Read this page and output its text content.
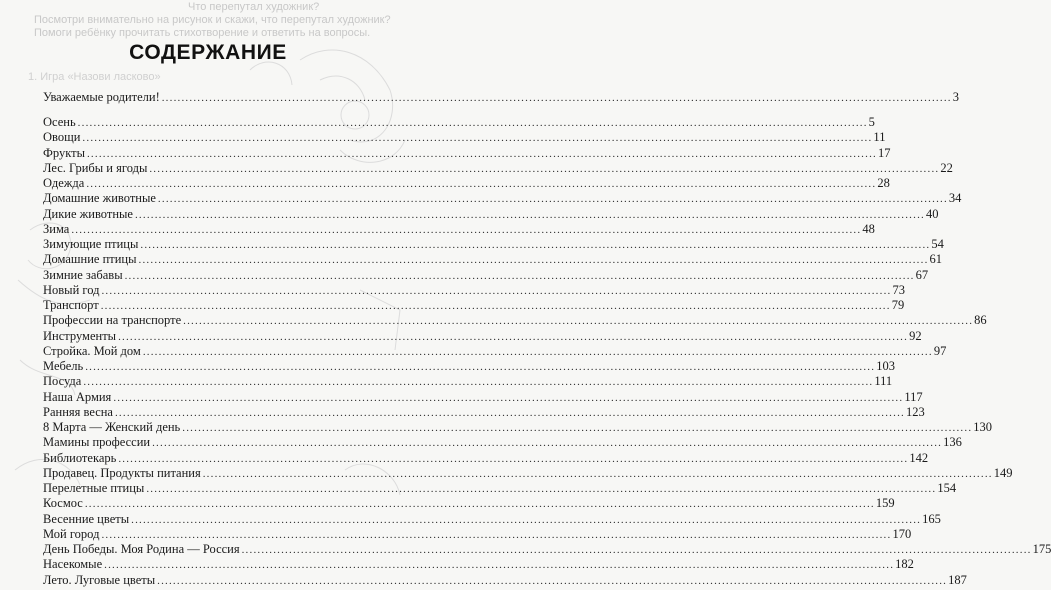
Что перепутал художник?
Посмотри внимательно на рисунок и скажи, что перепутал художник?
Помоги ребёнку прочитать стихотворение и ответить на вопросы.
1. Игра «Назови ласково»
СОДЕРЖАНИЕ
Уважаемые родители! ........................................................................................................................................................................................................ 3
Осень ........................................................................................................................................................................................................ 5
Овощи ........................................................................................................................................................................................................ 11
Фрукты ........................................................................................................................................................................................................ 17
Лес. Грибы и ягоды ........................................................................................................................................................................................................ 22
Одежда ........................................................................................................................................................................................................ 28
Домашние животные ........................................................................................................................................................................................................ 34
Дикие животные ........................................................................................................................................................................................................ 40
Зима ........................................................................................................................................................................................................ 48
Зимующие птицы ........................................................................................................................................................................................................ 54
Домашние птицы ........................................................................................................................................................................................................ 61
Зимние забавы ........................................................................................................................................................................................................ 67
Новый год ........................................................................................................................................................................................................ 73
Транспорт ........................................................................................................................................................................................................ 79
Профессии на транспорте ........................................................................................................................................................................................................ 86
Инструменты ........................................................................................................................................................................................................ 92
Стройка. Мой дом ........................................................................................................................................................................................................ 97
Мебель ........................................................................................................................................................................................................ 103
Посуда ........................................................................................................................................................................................................ 111
Наша Армия ........................................................................................................................................................................................................ 117
Ранняя весна ........................................................................................................................................................................................................ 123
8 Марта — Женский день ........................................................................................................................................................................................................ 130
Мамины профессии ........................................................................................................................................................................................................ 136
Библиотекарь ........................................................................................................................................................................................................ 142
Продавец. Продукты питания ........................................................................................................................................................................................................ 149
Перелетные птицы ........................................................................................................................................................................................................ 154
Космос ........................................................................................................................................................................................................ 159
Весенние цветы ........................................................................................................................................................................................................ 165
Мой город ........................................................................................................................................................................................................ 170
День Победы. Моя Родина — Россия ........................................................................................................................................................................................................ 175
Насекомые ........................................................................................................................................................................................................ 182
Лето. Луговые цветы ........................................................................................................................................................................................................ 187
